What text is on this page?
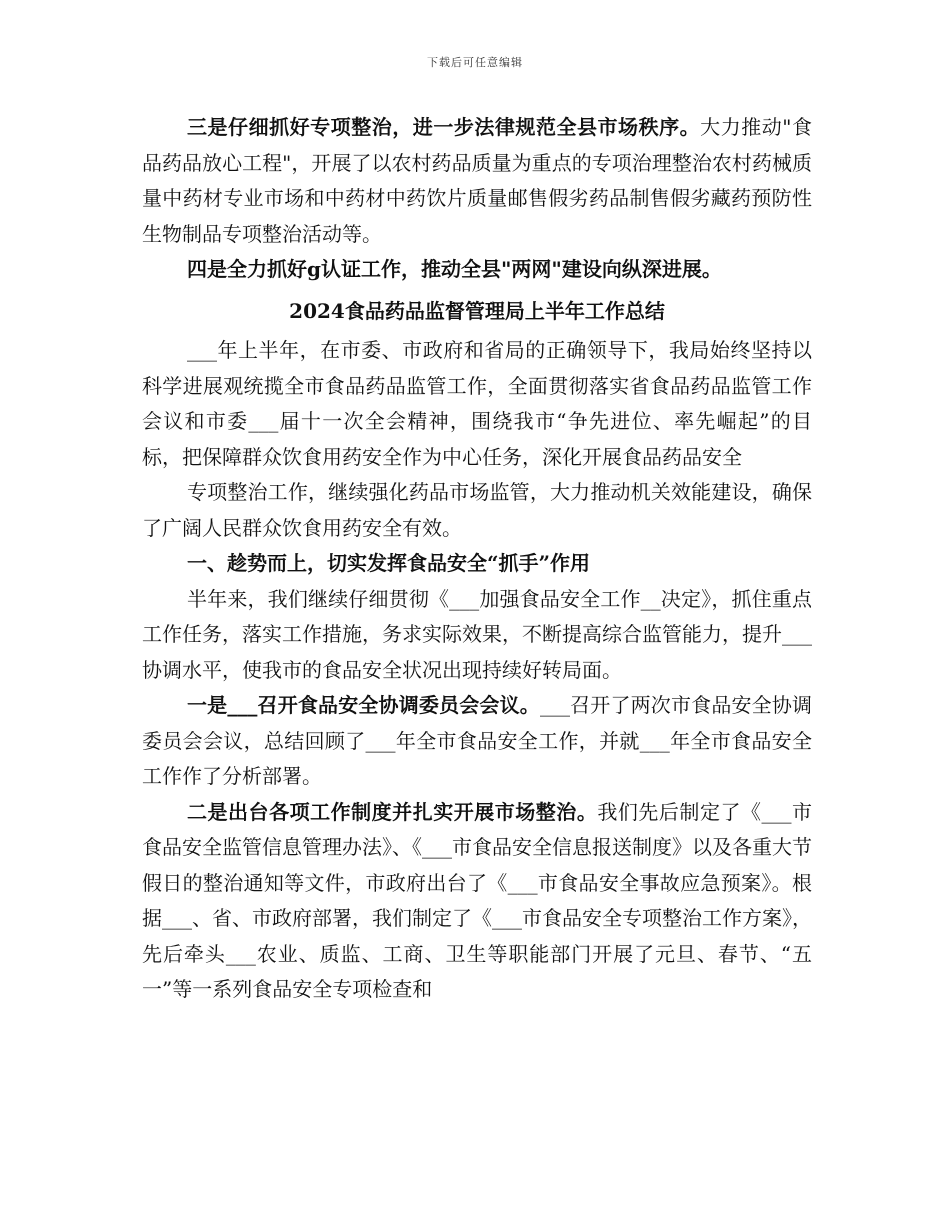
下载后可任意编辑

三是仔细抓好专项整治，进一步法律规范全县市场秩序。大力推动"食品药品放心工程"，开展了以农村药品质量为重点的专项治理整治农村药械质量中药材专业市场和中药材中药饮片质量邮售假劣药品制售假劣藏药预防性生物制品专项整治活动等。

四是全力抓好g认证工作，推动全县"两网"建设向纵深进展。

2024食品药品监督管理局上半年工作总结

___年上半年，在市委、市政府和省局的正确领导下，我局始终坚持以科学进展观统揽全市食品药品监管工作，全面贯彻落实省食品药品监管工作会议和市委___届十一次全会精神，围绕我市“争先进位、率先崛起”的目标，把保障群众饮食用药安全作为中心任务，深化开展食品药品安全

专项整治工作，继续强化药品市场监管，大力推动机关效能建设，确保了广阔人民群众饮食用药安全有效。

一、趁势而上，切实发挥食品安全“抓手”作用

半年来，我们继续仔细贯彻《___加强食品安全工作__决定》，抓住重点工作任务，落实工作措施，务求实际效果，不断提高综合监管能力，提升___协调水平，使我市的食品安全状况出现持续好转局面。

一是___召开食品安全协调委员会会议。___召开了两次市食品安全协调委员会会议，总结回顾了___年全市食品安全工作，并就___年全市食品安全工作作了分析部署。

二是出台各项工作制度并扎实开展市场整治。我们先后制定了《___市食品安全监管信息管理办法》、《___市食品安全信息报送制度》以及各重大节假日的整治通知等文件，市政府出台了《___市食品安全事故应急预案》。根据___、省、市政府部署，我们制定了《___市食品安全专项整治工作方案》，先后牵头___农业、质监、工商、卫生等职能部门开展了元旦、春节、“五一”等一系列食品安全专项检查和
